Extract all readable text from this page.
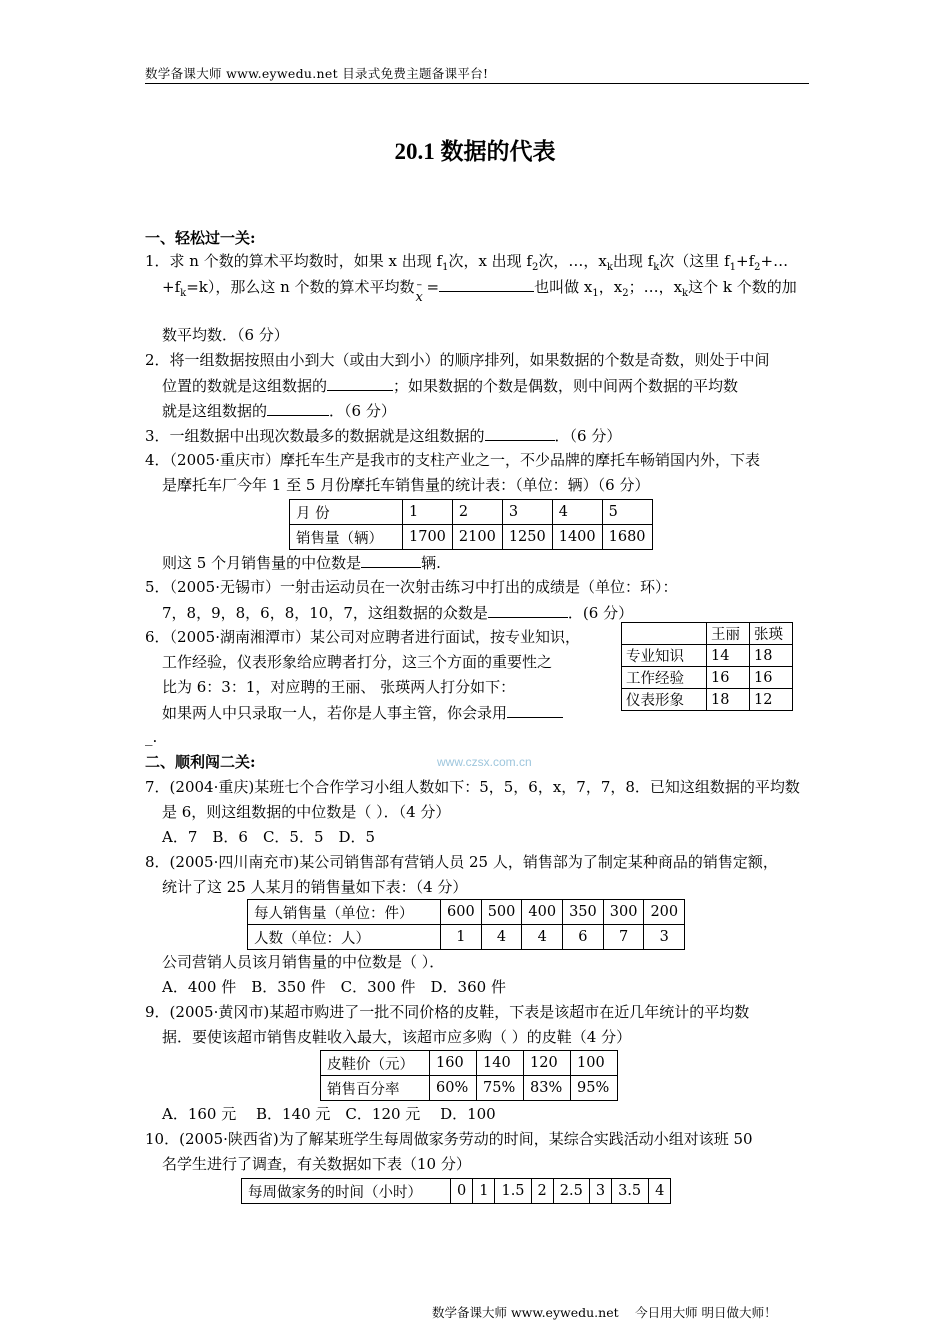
数学备课大师 www.eywedu.net 目录式免费主题备课平台!
20.1 数据的代表
一、轻松过一关:
1．求 n 个数的算术平均数时，如果 x 出现 $f_1$次，x 出现 $f_2$次，…，$x_k$出现 $f_k$次（这里 $f_1+f_2+\dots$
$+f_k=k$），那么这 n 个数的算术平均数 –
x
=	也叫做 $x_1$，$x_2$；…，$x_k$这个 k 个数的加
数平均数．（6 分）
2．将一组数据按照由小到大（或由大到小）的顺序排列，如果数据的个数是奇数，则处于中间
位置的数就是这组数据的	；如果数据的个数是偶数，则中间两个数据的平均数
就是这组数据的	．（6 分）
3．一组数据中出现次数最多的数据就是这组数据的	．（6 分）
4．（2005·重庆市）摩托车生产是我市的支柱产业之一，不少品牌的摩托车畅销国内外，下表
是摩托车厂今年 1 至 5 月份摩托车销售量的统计表：（单位：辆）（6 分）
月 份	1	2	3	4	5
销售量（辆）	1700	2100	1250	1400	1680
则这 5 个月销售量的中位数是	辆.
5．（2005·无锡市）一射击运动员在一次射击练习中打出的成绩是（单位：环）：
7，8，9，8，6，8，10，7，这组数据的众数是	．(6 分）
6．（2005·湖南湘潭市）某公司对应聘者进行面试，按专业知识，
工作经验，仪表形象给应聘者打分，这三个方面的重要性之
比为 6：3：1，对应聘的王丽、 张瑛两人打分如下：
如果两人中只录取一人，若你是人事主管，你会录用
_.
	王丽	张瑛
专业知识	14	18
工作经验	16	16
仪表形象	18	12
二、顺利闯二关:	www.czsx.com.cn
7．(2004·重庆)某班七个合作学习小组人数如下：5，5，6，x，7，7，8．已知这组数据的平均数
是 6，则这组数据的中位数是（ ）．（4 分）
A．7　B．6　C．5．5　D．5
8．(2005·四川南充市)某公司销售部有营销人员 25 人，销售部为了制定某种商品的销售定额，
统计了这 25 人某月的销售量如下表：（4 分）
每人销售量（单位：件）	600	500	400	350	300	200
人数（单位：人）	1	4	4	6	7	3
公司营销人员该月销售量的中位数是（ ）．
A．400 件　B．350 件　C．300 件　D．360 件
9．(2005·黄冈市)某超市购进了一批不同价格的皮鞋，下表是该超市在近几年统计的平均数
据．要使该超市销售皮鞋收入最大，该超市应多购（ ）的皮鞋（4 分）
皮鞋价（元）	160	140	120	100
销售百分率	60%	75%	83%	95%
A．160 元　 B．140 元　C．120 元　 D．100
10．(2005·陕西省)为了解某班学生每周做家务劳动的时间，某综合实践活动小组对该班 50
名学生进行了调查，有关数据如下表（10 分）
每周做家务的时间（小时）	0	1	1.5	2	2.5	3	3.5	4
数学备课大师 www.eywedu.net　 今日用大师 明日做大师！
